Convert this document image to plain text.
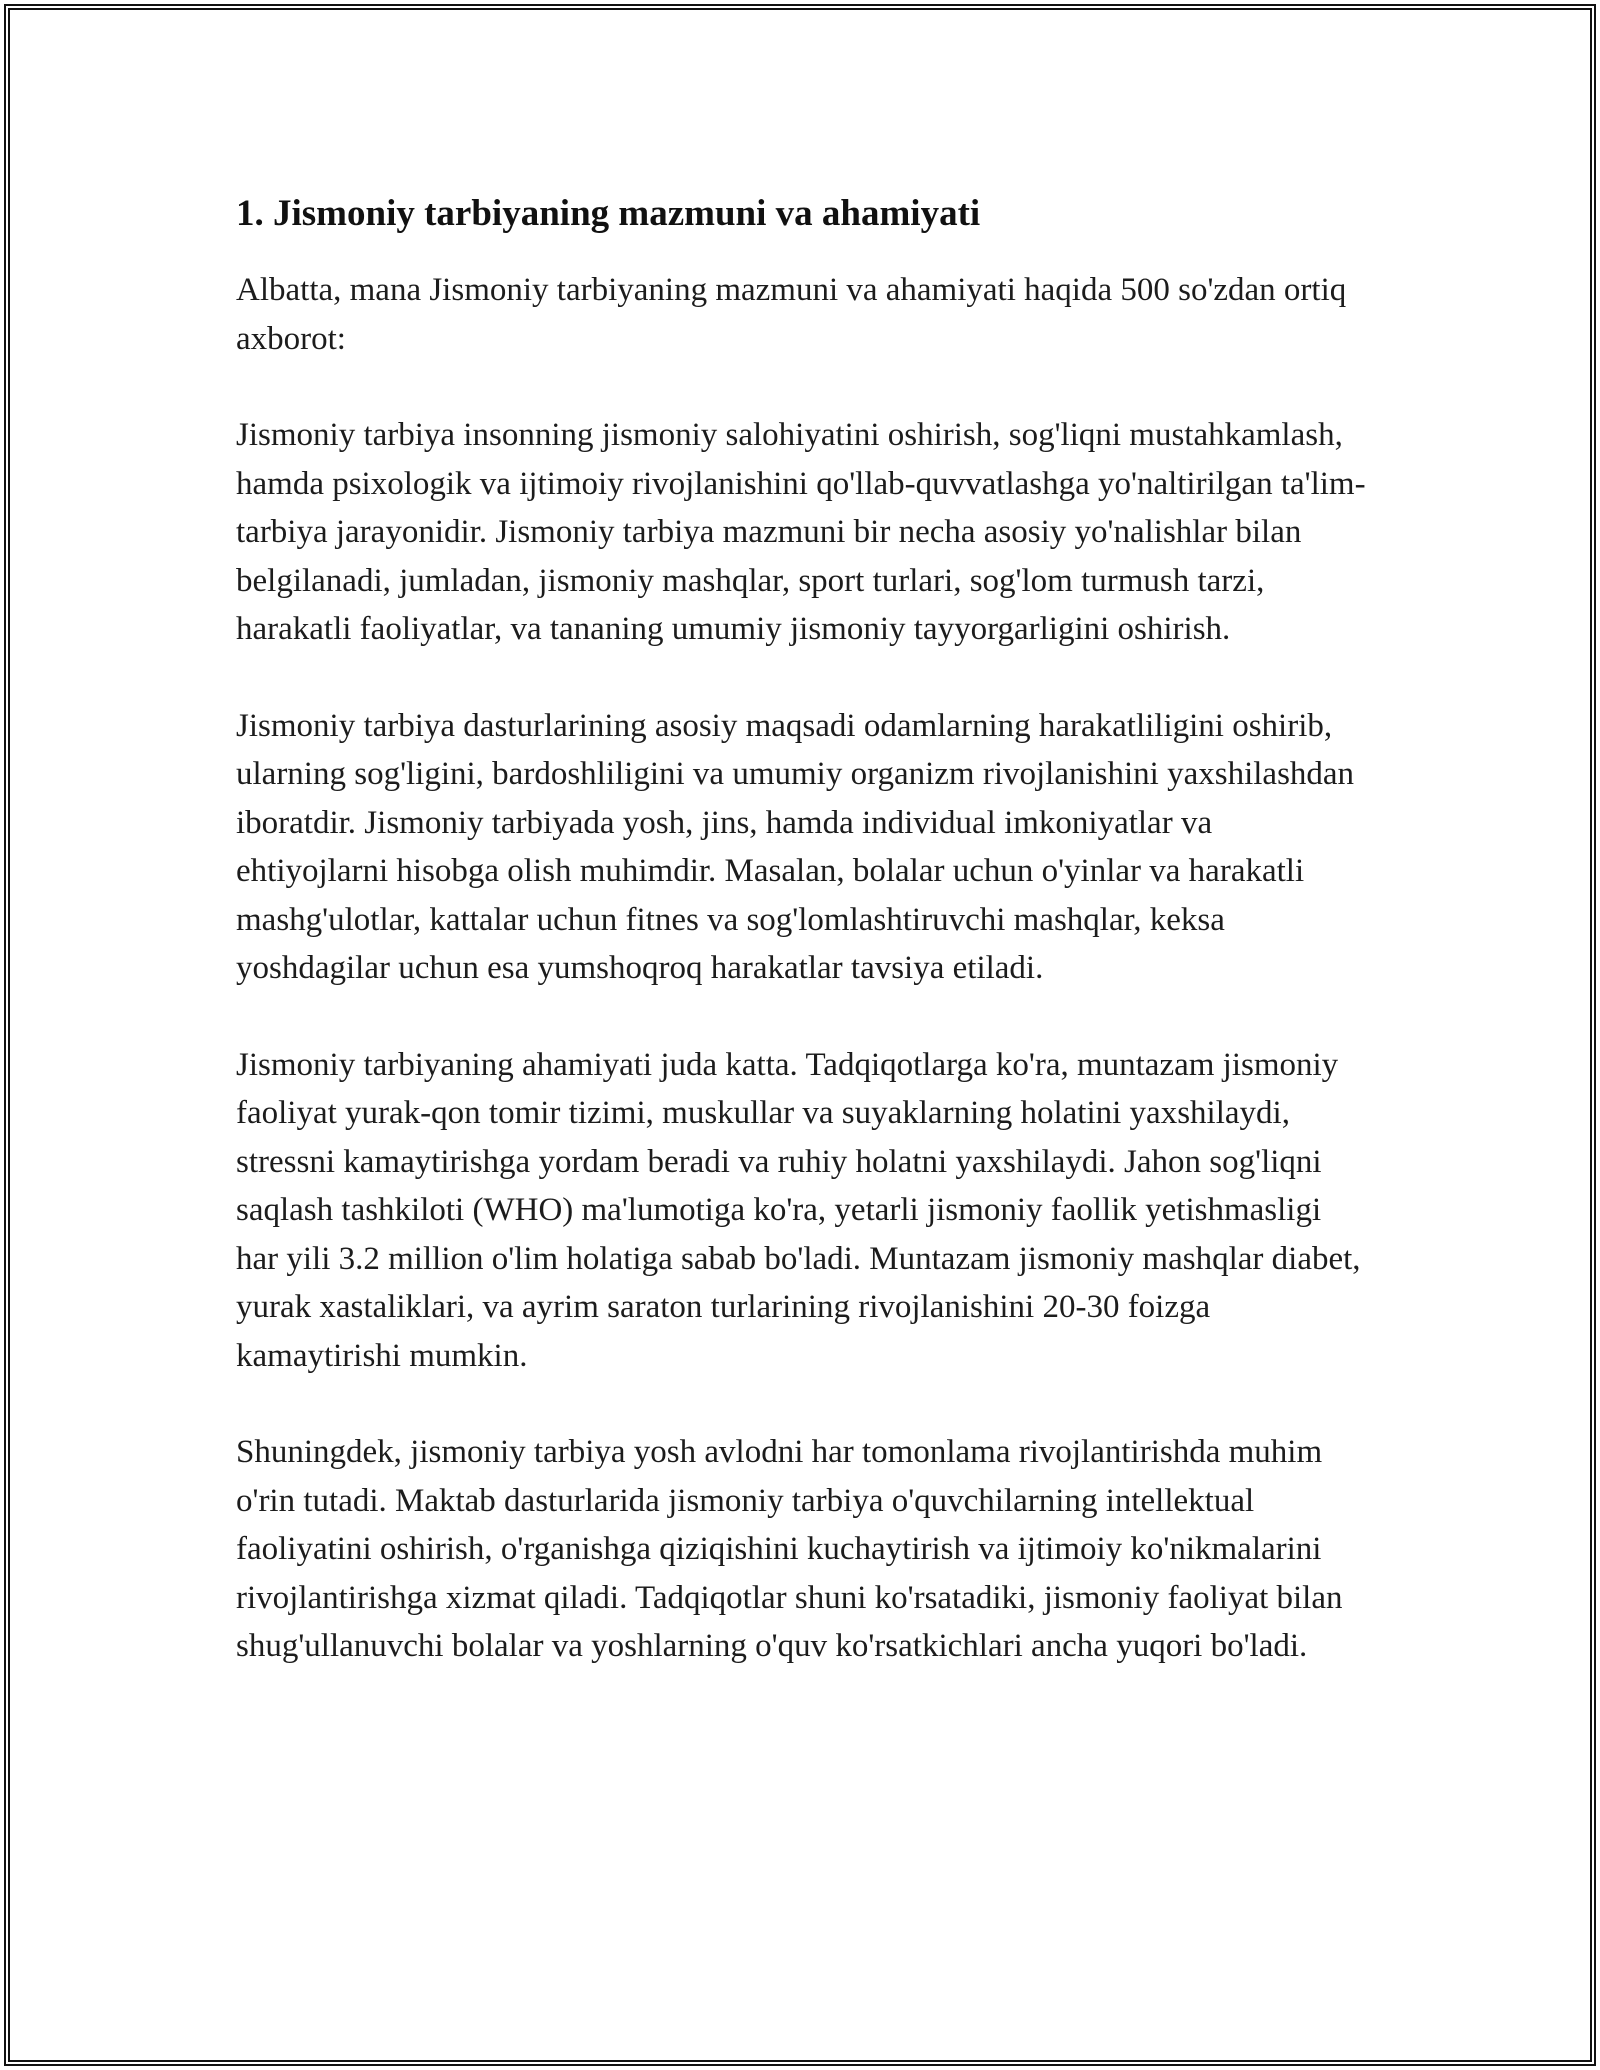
1. Jismoniy tarbiyaning mazmuni va ahamiyati

Albatta, mana Jismoniy tarbiyaning mazmuni va ahamiyati haqida 500 so'zdan ortiq axborot:

Jismoniy tarbiya insonning jismoniy salohiyatini oshirish, sog'liqni mustahkamlash, hamda psixologik va ijtimoiy rivojlanishini qo'llab-quvvatlashga yo'naltirilgan ta'lim-tarbiya jarayonidir. Jismoniy tarbiya mazmuni bir necha asosiy yo'nalishlar bilan belgilanadi, jumladan, jismoniy mashqlar, sport turlari, sog'lom turmush tarzi, harakatli faoliyatlar, va tananing umumiy jismoniy tayyorgarligini oshirish.

Jismoniy tarbiya dasturlarining asosiy maqsadi odamlarning harakatliligini oshirib, ularning sog'ligini, bardoshliligini va umumiy organizm rivojlanishini yaxshilashdan iboratdir. Jismoniy tarbiyada yosh, jins, hamda individual imkoniyatlar va ehtiyojlarni hisobga olish muhimdir. Masalan, bolalar uchun o'yinlar va harakatli mashg'ulotlar, kattalar uchun fitnes va sog'lomlashtiruvchi mashqlar, keksa yoshdagilar uchun esa yumshoqroq harakatlar tavsiya etiladi.

Jismoniy tarbiyaning ahamiyati juda katta. Tadqiqotlarga ko'ra, muntazam jismoniy faoliyat yurak-qon tomir tizimi, muskullar va suyaklarning holatini yaxshilaydi, stressni kamaytirishga yordam beradi va ruhiy holatni yaxshilaydi. Jahon sog'liqni saqlash tashkiloti (WHO) ma'lumotiga ko'ra, yetarli jismoniy faollik yetishmasligi har yili 3.2 million o'lim holatiga sabab bo'ladi. Muntazam jismoniy mashqlar diabet, yurak xastaliklari, va ayrim saraton turlarining rivojlanishini 20-30 foizga kamaytirishi mumkin.

Shuningdek, jismoniy tarbiya yosh avlodni har tomonlama rivojlantirishda muhim o'rin tutadi. Maktab dasturlarida jismoniy tarbiya o'quvchilarning intellektual faoliyatini oshirish, o'rganishga qiziqishini kuchaytirish va ijtimoiy ko'nikmalarini rivojlantirishga xizmat qiladi. Tadqiqotlar shuni ko'rsatadiki, jismoniy faoliyat bilan shug'ullanuvchi bolalar va yoshlarning o'quv ko'rsatkichlari ancha yuqori bo'ladi.
